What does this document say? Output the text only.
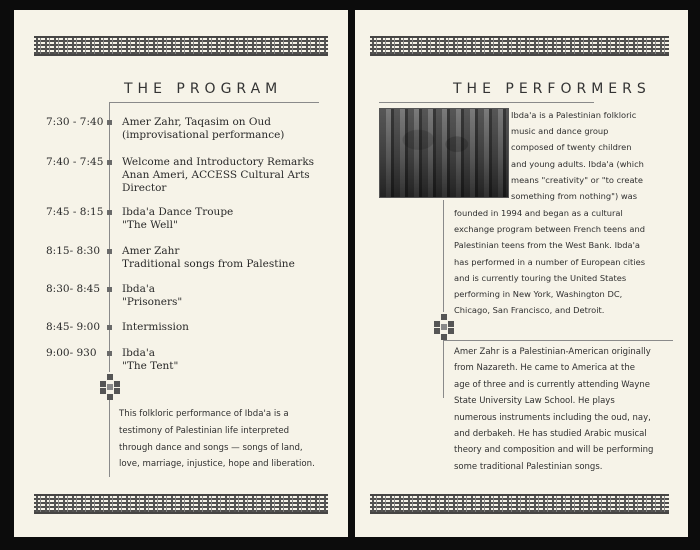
THE PROGRAM
7:30 - 7:40 Amer Zahr, Taqasim on Oud
(improvisational performance)
7:40 - 7:45 Welcome and Introductory Remarks
Anan Ameri, ACCESS Cultural Arts
Director
7:45 - 8:15 Ibda'a Dance Troupe
"The Well"
8:15- 8:30 Amer Zahr
Traditional songs from Palestine
8:30- 8:45 Ibda'a
"Prisoners"
8:45- 9:00 Intermission
9:00- 930 Ibda'a
"The Tent"
This folkloric performance of Ibda'a is a
testimony of Palestinian life interpreted
through dance and songs — songs of land,
love, marriage, injustice, hope and liberation.
THE PERFORMERS
Ibda'a is a Palestinian folkloric
music and dance group
composed of twenty children
and young adults. Ibda'a (which
means "creativity" or "to create
something from nothing") was
founded in 1994 and began as a cultural
exchange program between French teens and
Palestinian teens from the West Bank. Ibda'a
has performed in a number of European cities
and is currently touring the United States
performing in New York, Washington DC,
Chicago, San Francisco, and Detroit.
Amer Zahr is a Palestinian-American originally
from Nazareth. He came to America at the
age of three and is currently attending Wayne
State University Law School. He plays
numerous instruments including the oud, nay,
and derbakeh. He has studied Arabic musical
theory and composition and will be performing
some traditional Palestinian songs.
